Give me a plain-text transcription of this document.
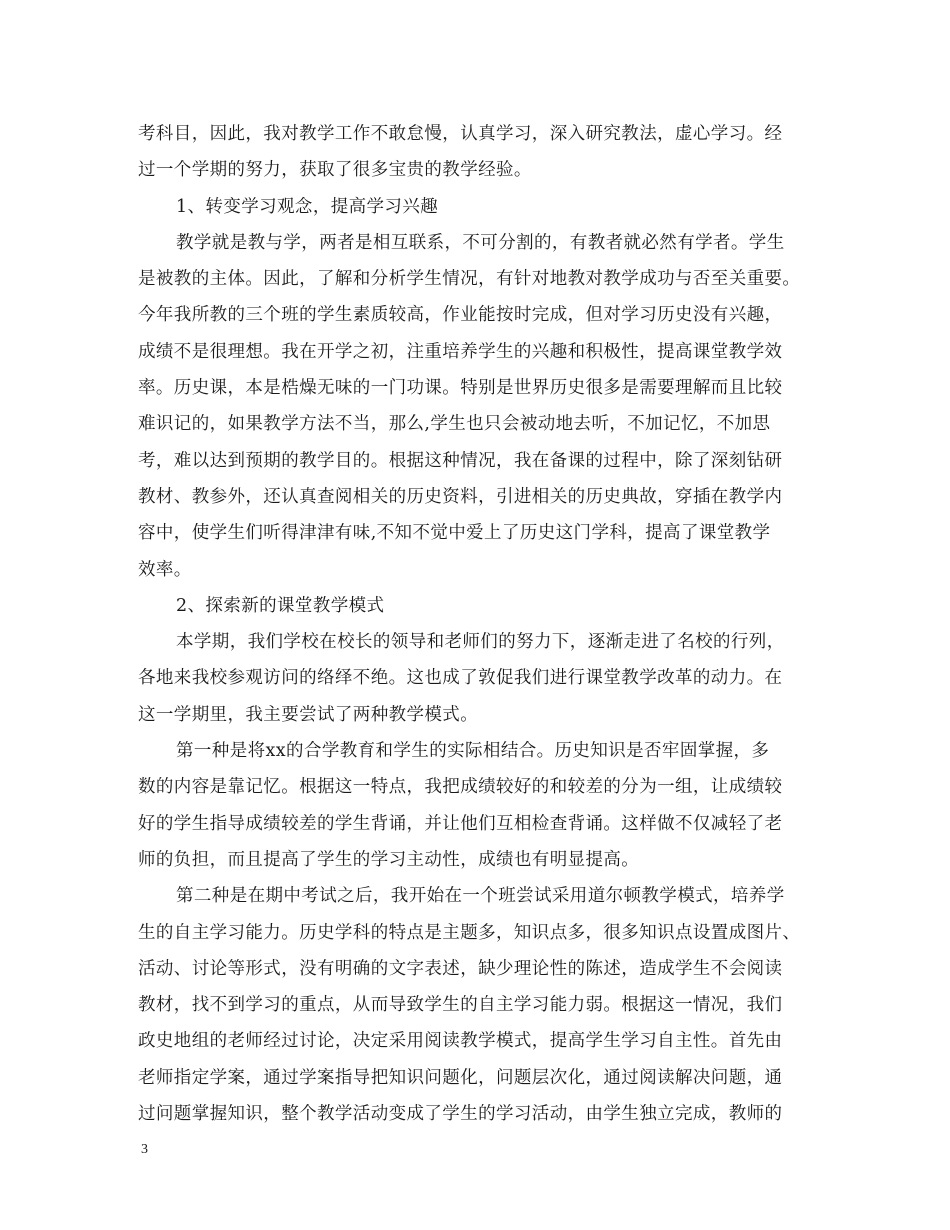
考科目，因此，我对教学工作不敢怠慢，认真学习，深入研究教法，虚心学习。经
过一个学期的努力，获取了很多宝贵的教学经验。
1、转变学习观念，提高学习兴趣
教学就是教与学，两者是相互联系，不可分割的，有教者就必然有学者。学生
是被教的主体。因此，了解和分析学生情况，有针对地教对教学成功与否至关重要。
今年我所教的三个班的学生素质较高，作业能按时完成，但对学习历史没有兴趣，
成绩不是很理想。我在开学之初，注重培养学生的兴趣和积极性，提高课堂教学效
率。历史课，本是梏燥无味的一门功课。特别是世界历史很多是需要理解而且比较
难识记的，如果教学方法不当，那么,学生也只会被动地去听，不加记忆，不加思
考，难以达到预期的教学目的。根据这种情况，我在备课的过程中，除了深刻钻研
教材、教参外，还认真查阅相关的历史资料，引进相关的历史典故，穿插在教学内
容中，使学生们听得津津有味,不知不觉中爱上了历史这门学科，提高了课堂教学
效率。
2、探索新的课堂教学模式
本学期，我们学校在校长的领导和老师们的努力下，逐渐走进了名校的行列，
各地来我校参观访问的络绎不绝。这也成了敦促我们进行课堂教学改革的动力。在
这一学期里，我主要尝试了两种教学模式。
第一种是将xx的合学教育和学生的实际相结合。历史知识是否牢固掌握，多
数的内容是靠记忆。根据这一特点，我把成绩较好的和较差的分为一组，让成绩较
好的学生指导成绩较差的学生背诵，并让他们互相检查背诵。这样做不仅减轻了老
师的负担，而且提高了学生的学习主动性，成绩也有明显提高。
第二种是在期中考试之后，我开始在一个班尝试采用道尔顿教学模式，培养学
生的自主学习能力。历史学科的特点是主题多，知识点多，很多知识点设置成图片、
活动、讨论等形式，没有明确的文字表述，缺少理论性的陈述，造成学生不会阅读
教材，找不到学习的重点，从而导致学生的自主学习能力弱。根据这一情况，我们
政史地组的老师经过讨论，决定采用阅读教学模式，提高学生学习自主性。首先由
老师指定学案，通过学案指导把知识问题化，问题层次化，通过阅读解决问题，通
过问题掌握知识，整个教学活动变成了学生的学习活动，由学生独立完成，教师的
3
